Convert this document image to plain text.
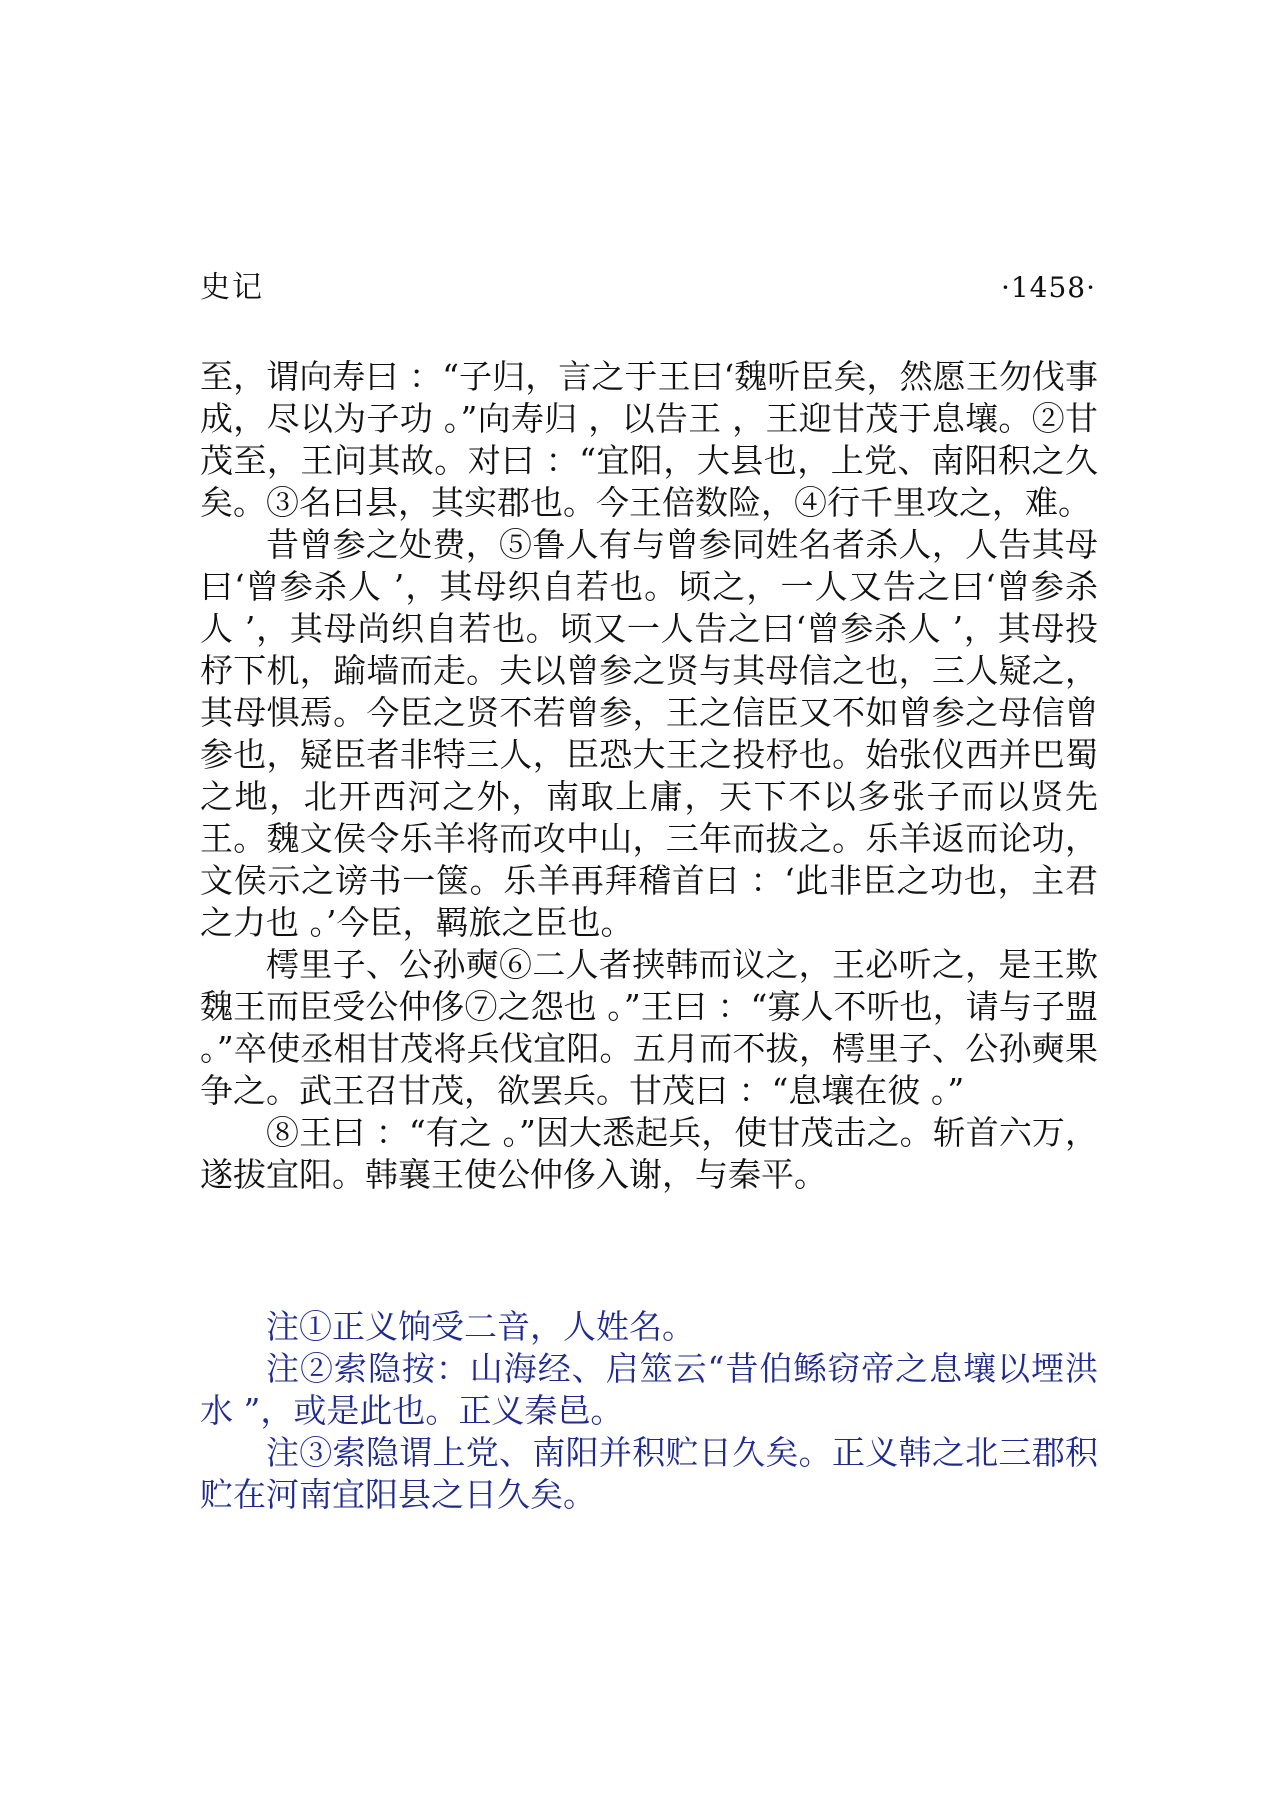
史记	·1458·

至，谓向寿曰 ：“子归，言之于王曰‘魏听臣矣，然愿王勿伐事成，尽以为子功 。”向寿归 ，以告王 ，王迎甘茂于息壤。②甘茂至，王问其故。对曰 ：“宜阳，大县也，上党、南阳积之久矣。③名曰县，其实郡也。今王倍数险，④行千里攻之，难。

昔曾参之处费，⑤鲁人有与曾参同姓名者杀人，人告其母曰‘曾参杀人 ’，其母织自若也。顷之，一人又告之曰‘曾参杀人 ’，其母尚织自若也。顷又一人告之曰‘曾参杀人 ’，其母投杼下机，踰墙而走。夫以曾参之贤与其母信之也，三人疑之，其母惧焉。今臣之贤不若曾参，王之信臣又不如曾参之母信曾参也，疑臣者非特三人，臣恐大王之投杼也。始张仪西并巴蜀之地，北开西河之外，南取上庸，天下不以多张子而以贤先王。魏文侯令乐羊将而攻中山，三年而拔之。乐羊返而论功，文侯示之谤书一箧。乐羊再拜稽首曰 ：‘此非臣之功也，主君之力也 。’今臣，羁旅之臣也。

樗里子、公孙奭⑥二人者挟韩而议之，王必听之，是王欺魏王而臣受公仲侈⑦之怨也 。”王曰 ：“寡人不听也，请与子盟 。”卒使丞相甘茂将兵伐宜阳。五月而不拔，樗里子、公孙奭果争之。武王召甘茂，欲罢兵。甘茂曰 ：“息壤在彼 。”

⑧王曰 ：“有之 。”因大悉起兵，使甘茂击之。斩首六万，遂拔宜阳。韩襄王使公仲侈入谢，与秦平。

注①正义饷受二音，人姓名。

注②索隐按：山海经、启筮云“昔伯鲧窃帝之息壤以堙洪水 ”，或是此也。正义秦邑。

注③索隐谓上党、南阳并积贮日久矣。正义韩之北三郡积贮在河南宜阳县之日久矣。
